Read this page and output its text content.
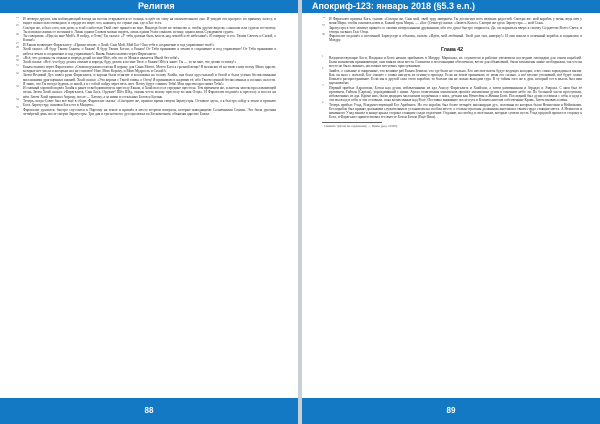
Религия

24 И четверо других, как наблюдающий взгляд на восток открывается от солнца, и идёт по тому на окончательного оно. И увидит его прогресс по прямому холсту, и видит полностью очевидное, и сердце их ищет, что, наконец, по стране она, где и Бог есть.

25 Смотри же, я был слеп, как дитя; и этой слабостью Твой свет пришёл ко мне. Никогда более не помыслю я, чтобы другие видели, слышали или судили по-своему. Ты изложил жизнь от истинного. Лишь одним Словом можно видеть, лишь одним Ухом слышать истину, одним лишь Суждением судить.

26 Ты говоришь: «Иди ко мне Мой!» Я пойду, о Отец! Ты сказал: «У тебя должна быть власть над землёй и её небесами!» Я совершу и это, Твоим Светом и Силой, о Кхваа!»

27 И Еккам возвещает Фарагалиту: «Прими землю, о Хоай, Сын Мой, Мой Бог! Она тебе в сохранение и под управление твоё!»

28 Хоай сказал: «Я буду Твоим Сыном, о Еккам! Я буду Твоим Богом, о Еккам! От Тебя принимаю я землю в сохранение и под управление! От Тебя принимаю я небеса земли в сохранение и под управление!» Вновь Еккам молвил через Фарагалита:

29 «Всё, что должны ты отныне и впредь делай по мне Моё, ибо это от Меня и является Мной без тебя!»

30 Хоай сказал: «Всё, что буду делать отныне и впредь, буду делать я во мне Твоё, о Еккам! Ибо я знаю: Ты — то во мне, что делаю то вижу!»

31 Еккам молвил через Фарагалита: «Своими руками отлетая Я корону для Сына Моего, Моего Бога к грозной вещи! Я возлагаю её на твою главу всему Моих царств, которые нет числа и которым сил не считают! Нои: Мою Корону, и Мою Мудрость и Силой!»

32 Затем Великий Дух повёл руки Фарагалита, и корона была отнятие и возложена на голову Хоайя, она была хрустальной и белой и была усеяна бесчисленными миллионами драгоценных камней. Хоай сказал: «Эта корона с Твоей главы, о Отец! Я принимаю и надеваю её, ибо Твоею ценной бесчисленных и полных силости. Я знаю, что Ты всегда будешь со мной, а я с тобой пойду через весь свет. Почту будут славить Тебя! Мои царства прославят Тебя!»

33 И главный хоровой подвёл Хоайя к ранее освободившемуся престолу Еккам, и Хоай воссел в середине престола. Тем временем же, и ангелы запели прославляющей песнь Затем Хоай сказал: «Фарагалита, Сын Бога, Оружие! Шёл Шёд, оказан честь моему престолу во имя Отца». И Фарагалит подошёл к престолу и воссел на нём. Затем Хоай приказал Апрону, после — Хатону, а за ними и остальных Богов и Богинь.

34 Теперь, когда Совет был всё ещё в сборе, Фарагалит сказал: «Смотрите же, пришло время смерти Заратустры. Оставьте здесь, а я быстро сойду к земле и пришлю Бога, Заратустру, сыновья Бога его в Маздею».

35 Фарагалит удалился, быстро спустился к Партону на земле и пришёл в место встречи ватерлон, которые наводящими Солнечными Сеялки. Это была урочная четвёртый день после смерти Заратустры. Три дня и три ночи его дух пролежал во Бесконечном, объявляя царство Божье.

88
Апокриф-123: январь 2018 (§5.3 e.n.)

36 И Фарагалит призвал Бога, сказав: «Смотри же, Сын мой, твой труд завершён. Ты достигнул всех великих радостей. Смотри же, мой корабль у меня, ведь меч у меня Мира, чтобы основать ключ и, Божий трон Мира» — «Бог (Семитр) сказал: «Заметь Колос» Смотри же здесь Заратустра — мой Сын».

37 Заратустра в этот момент пришёл со своими ватерлонными дружинами, ибо его душа быстро озарилось. Да, он подняться вверх к своему Создателю Всего Света, и теперь он внял Глас Отца.

38 Фарагалит подошёл к вселенной Заратустре и объятия, сказав: «Идём, мой любимый. Твой дом там, наверху!» И они вошли в огненный корабль и поднялись в Маздру.

Глава 42

1 Владычествующие Боги, Владыки и Боги начали прибывать в Маздру. Маршалы, их служители и рабочие увеличили последние площадки для огнем кораблей. Были назначены принимающие, они заняли свои места. Глашатаи и постоянщики обеспечили, вести для объявлений, были заполнены лиане свободными, так что на месте не было лишних, ни ловких местовых прислужников.

2 Знайте, о сильные и смиренные, что великие раб Еккам Земили, что где было не стольно. Его шестые вахты будут ведущих колодки, а вес сваях зарождены в вызов. Как он знал с пользой, Бог сможет с главы шагнуть из огнищ-и прохода. Если на земле принимать от меня его сильно, а всё весоме уточнений, всё будет полно Божьего распространение. Если мы и другой сила этого корабли, то больше мы не ложно выходим туда. В ту тайны того же к душ, который тот в мысль был ими вдохновлёно.

3 Первый прибыл Адрагатам, Ботон над души, избавленными из ада Азассу Фарагалита и Хоайхом, а затем развеянными и Зерадах и Эзараха. С ним был её променен, Гайхон (Саргон), упразднивший с ними. Аргал оглагитьная миллионов прошёл миллионам дусия в огненное небо ли. По большой части проступили, избавленных из ада. Кроме них, были двадцать миллионов подъёмных с коих, детьми как Немесёвы и Женни Боги. Последний был души оставила с себя, и куда и эти мы вход в себя, и эти оставили, пока вознесенные над Роле. Поставил внимание после путь в Кхонем ангелов собственные Кровь, Затем вызвав и меня.

4 Теперь прибыл Учад, Владычествующий Бог Арабинги. Но его корабль был более четырёх миллиардов дух, половина из которых были Ненистами и Нейнахами. Его корабль был принят должными служителями и установлен на особом месте, а столько прогоны должными ангелами к своим гордо стоящие места. А Ненистов и ненамного Учад вышел в конце крыла сторона стоящим сзади отделение. Отдание, на свобод и своё иным, которые сумели пусть Учад прядтой прошел в сторону к Бога, и Фарагалит приветствовал его вместе Ботон Ботом (Ещё Фааз).

Сменить тритон по-сердечному — Прим. (ред. 2018?).
89
